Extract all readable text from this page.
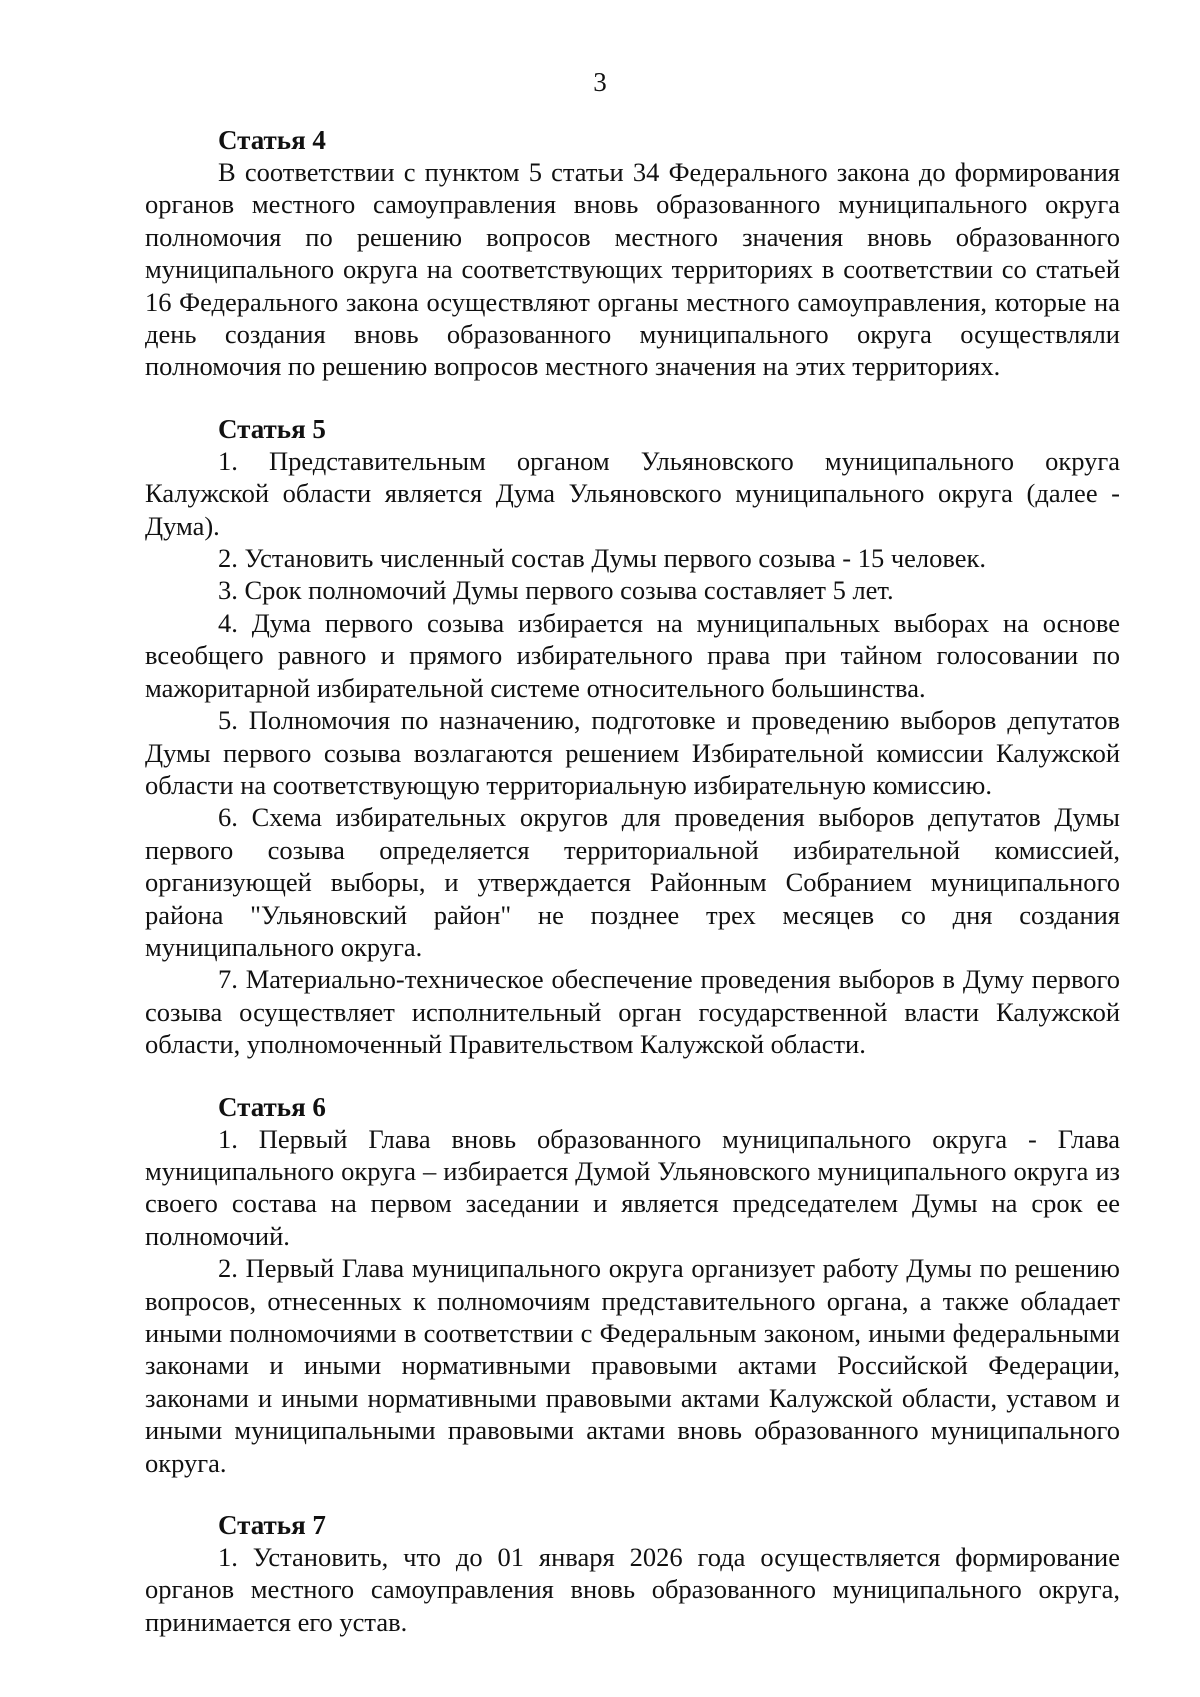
3

Статья 4

В соответствии с пунктом 5 статьи 34 Федерального закона до формирования органов местного самоуправления вновь образованного муниципального округа полномочия по решению вопросов местного значения вновь образованного муниципального округа на соответствующих территориях в соответствии со статьей 16 Федерального закона осуществляют органы местного самоуправления, которые на день создания вновь образованного муниципального округа осуществляли полномочия по решению вопросов местного значения на этих территориях.

Статья 5

1. Представительным органом Ульяновского муниципального округа Калужской области является Дума Ульяновского муниципального округа (далее - Дума).

2. Установить численный состав Думы первого созыва - 15 человек.

3. Срок полномочий Думы первого созыва составляет 5 лет.

4. Дума первого созыва избирается на муниципальных выборах на основе всеобщего равного и прямого избирательного права при тайном голосовании по мажоритарной избирательной системе относительного большинства.

5. Полномочия по назначению, подготовке и проведению выборов депутатов Думы первого созыва возлагаются решением Избирательной комиссии Калужской области на соответствующую территориальную избирательную комиссию.

6. Схема избирательных округов для проведения выборов депутатов Думы первого созыва определяется территориальной избирательной комиссией, организующей выборы, и утверждается Районным Собранием муниципального района "Ульяновский район" не позднее трех месяцев со дня создания муниципального округа.

7. Материально-техническое обеспечение проведения выборов в Думу первого созыва осуществляет исполнительный орган государственной власти Калужской области, уполномоченный Правительством Калужской области.

Статья 6

1. Первый Глава вновь образованного муниципального округа - Глава муниципального округа – избирается Думой Ульяновского муниципального округа из своего состава на первом заседании и является председателем Думы на срок ее полномочий.

2. Первый Глава муниципального округа организует работу Думы по решению вопросов, отнесенных к полномочиям представительного органа, а также обладает иными полномочиями в соответствии с Федеральным законом, иными федеральными законами и иными нормативными правовыми актами Российской Федерации, законами и иными нормативными правовыми актами Калужской области, уставом и иными муниципальными правовыми актами вновь образованного муниципального округа.

Статья 7

1. Установить, что до 01 января 2026 года осуществляется формирование органов местного самоуправления вновь образованного муниципального округа, принимается его устав.
